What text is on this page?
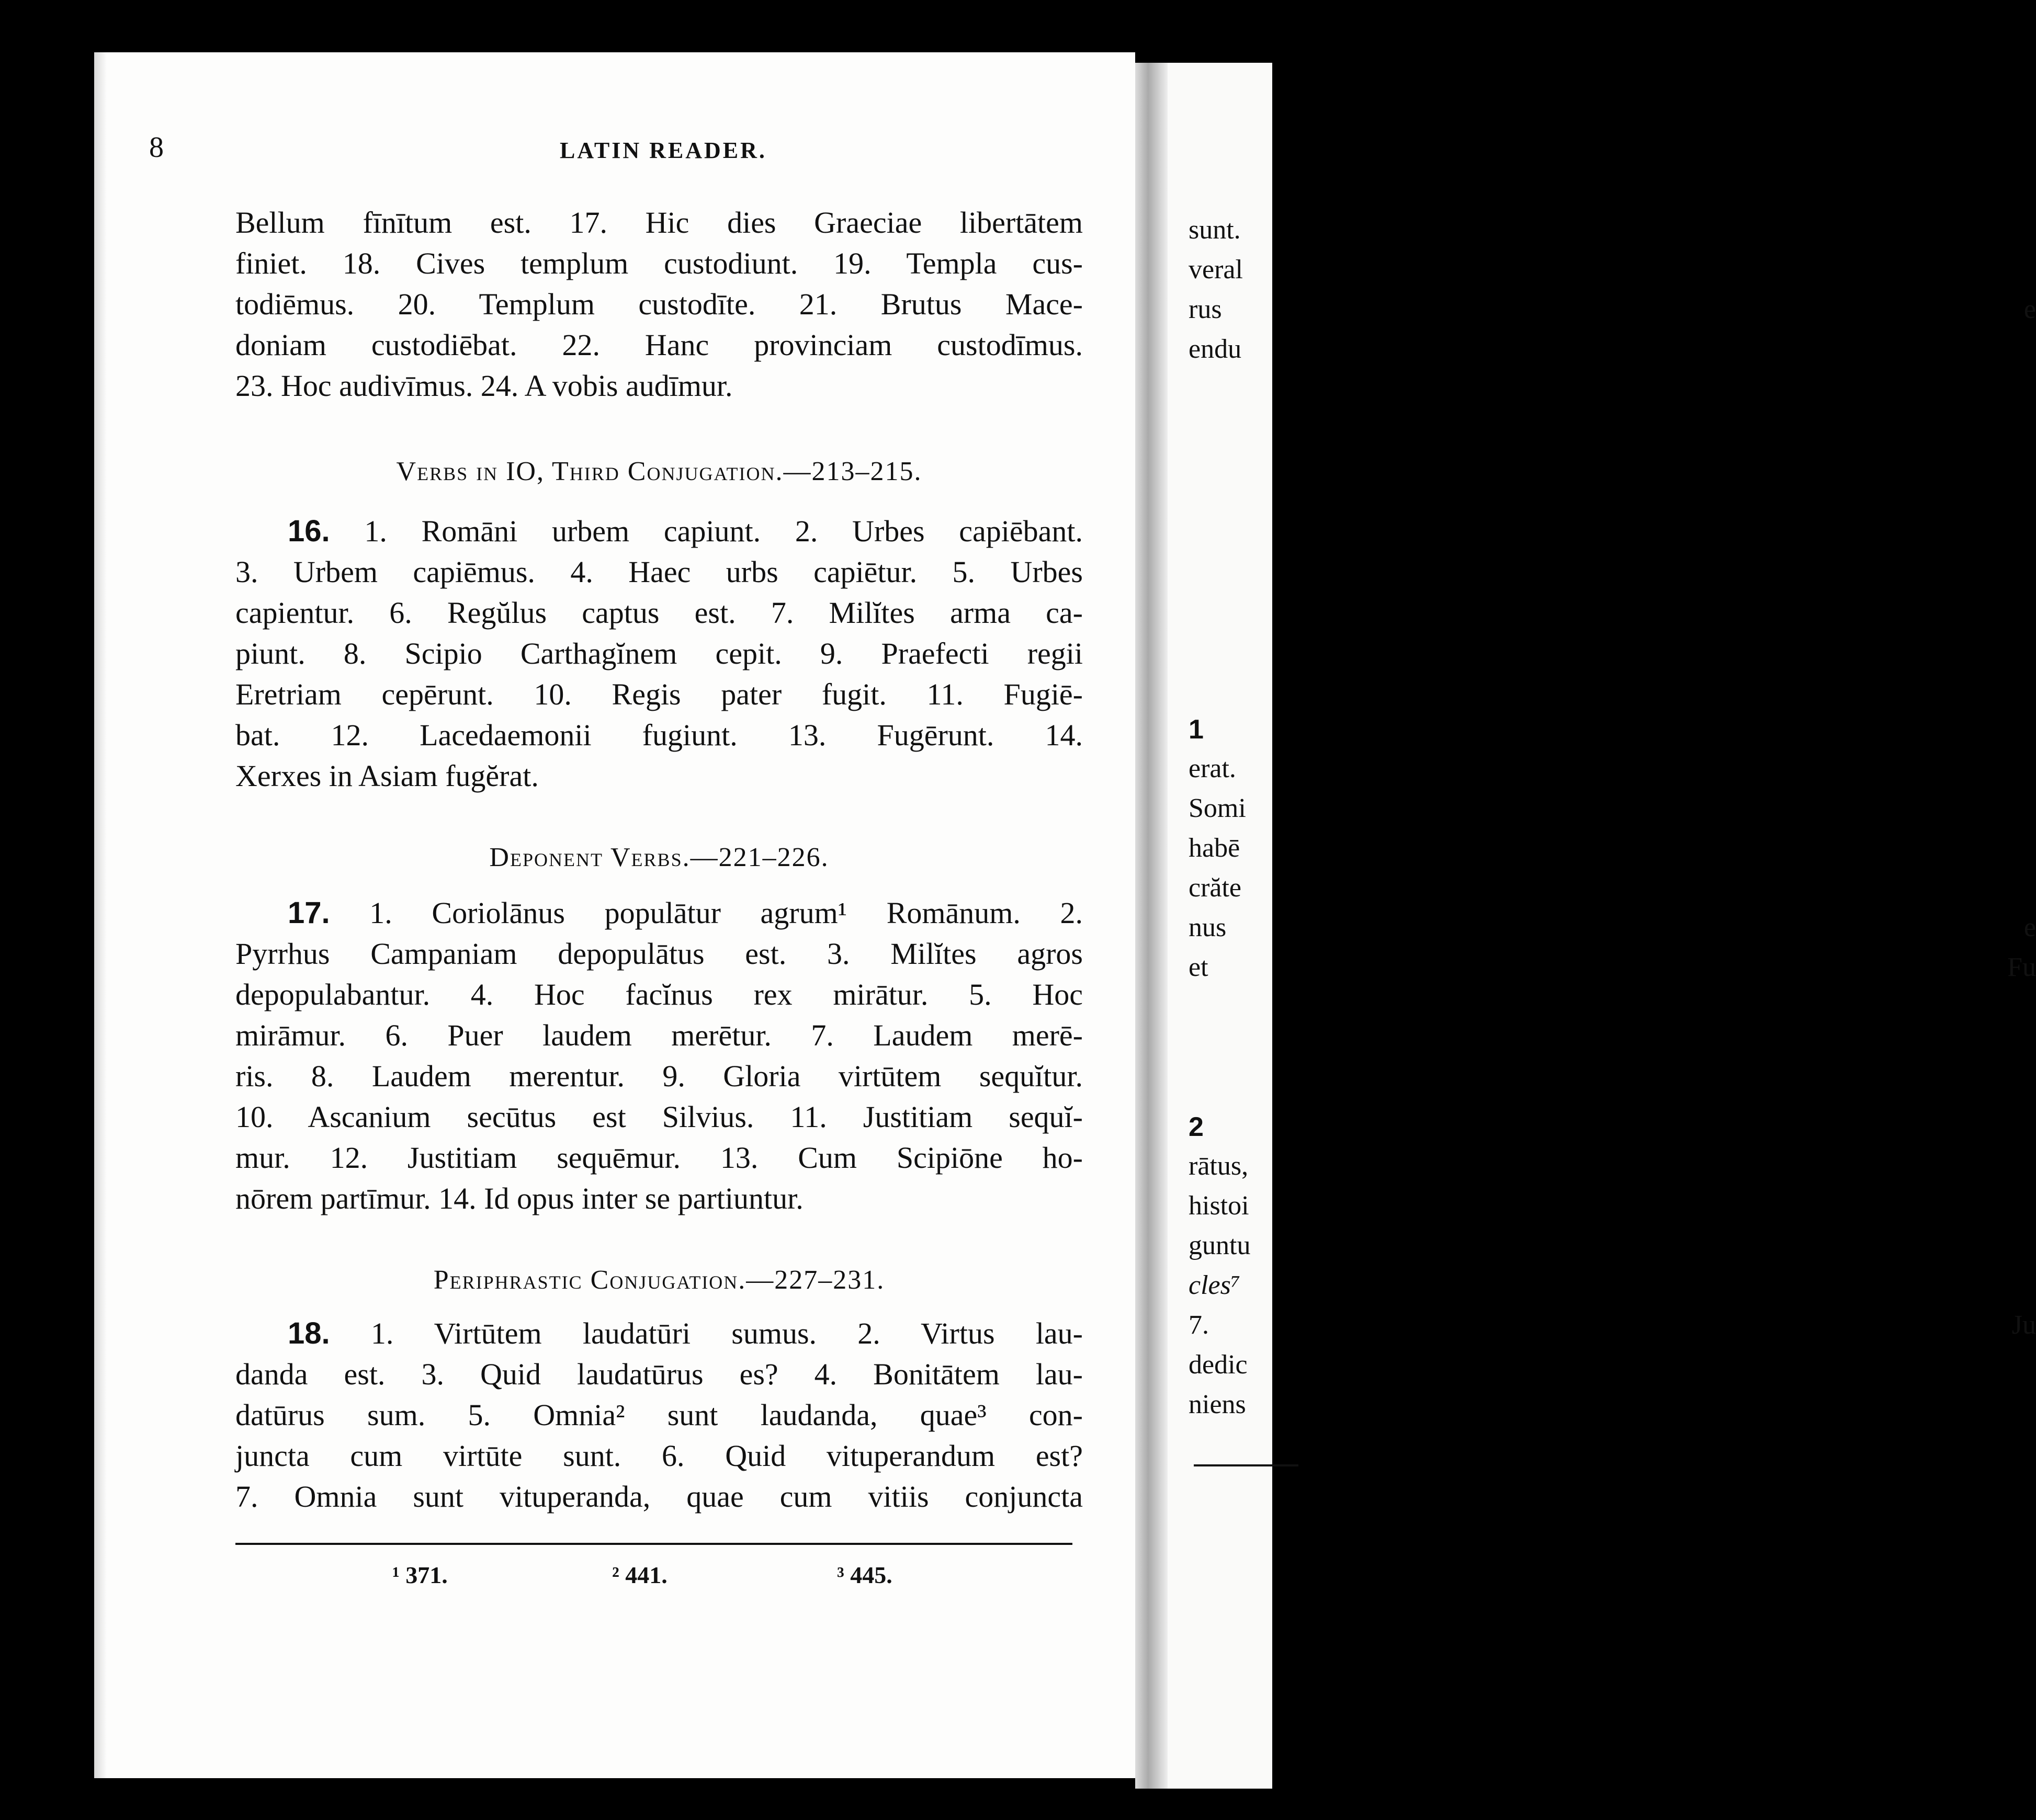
sunt.
veral
rus e
endu
1
erat.
Somi
habē
crăte
nus e
et Fu
2
rātus,
histoi
guntu
cles⁷
7. Ju
dedic
niens
8	LATIN READER.
Bellum fīnītum est. 17. Hic dies Graeciae libertātem
finiet. 18. Cives templum custodiunt. 19. Templa cus-
todiēmus. 20. Templum custodīte. 21. Brutus Mace-
doniam custodiēbat. 22. Hanc provinciam custodīmus.
23. Hoc audivīmus. 24. A vobis audīmur.
Verbs in IO, Third Conjugation.—213–215.
16. 1. Romāni urbem capiunt. 2. Urbes capiēbant.
3. Urbem capiēmus. 4. Haec urbs capiētur. 5. Urbes
capientur. 6. Regŭlus captus est. 7. Milĭtes arma ca-
piunt. 8. Scipio Carthagĭnem cepit. 9. Praefecti regii
Eretriam cepērunt. 10. Regis pater fugit. 11. Fugiē-
bat. 12. Lacedaemonii fugiunt. 13. Fugērunt. 14.
Xerxes in Asiam fugĕrat.
Deponent Verbs.—221–226.
17. 1. Coriolānus populātur agrum¹ Romānum. 2.
Pyrrhus Campaniam depopulātus est. 3. Milĭtes agros
depopulabantur. 4. Hoc facĭnus rex mirātur. 5. Hoc
mirāmur. 6. Puer laudem merētur. 7. Laudem merē-
ris. 8. Laudem merentur. 9. Gloria virtūtem sequĭtur.
10. Ascanium secūtus est Silvius. 11. Justitiam sequĭ-
mur. 12. Justitiam sequēmur. 13. Cum Scipiōne ho-
nōrem partīmur. 14. Id opus inter se partiuntur.
Periphrastic Conjugation.—227–231.
18. 1. Virtūtem laudatūri sumus. 2. Virtus lau-
danda est. 3. Quid laudatūrus es? 4. Bonitātem lau-
datūrus sum. 5. Omnia² sunt laudanda, quae³ con-
juncta cum virtūte sunt. 6. Quid vituperandum est?
7. Omnia sunt vituperanda, quae cum vitiis conjuncta
¹ 371.	² 441.	³ 445.
